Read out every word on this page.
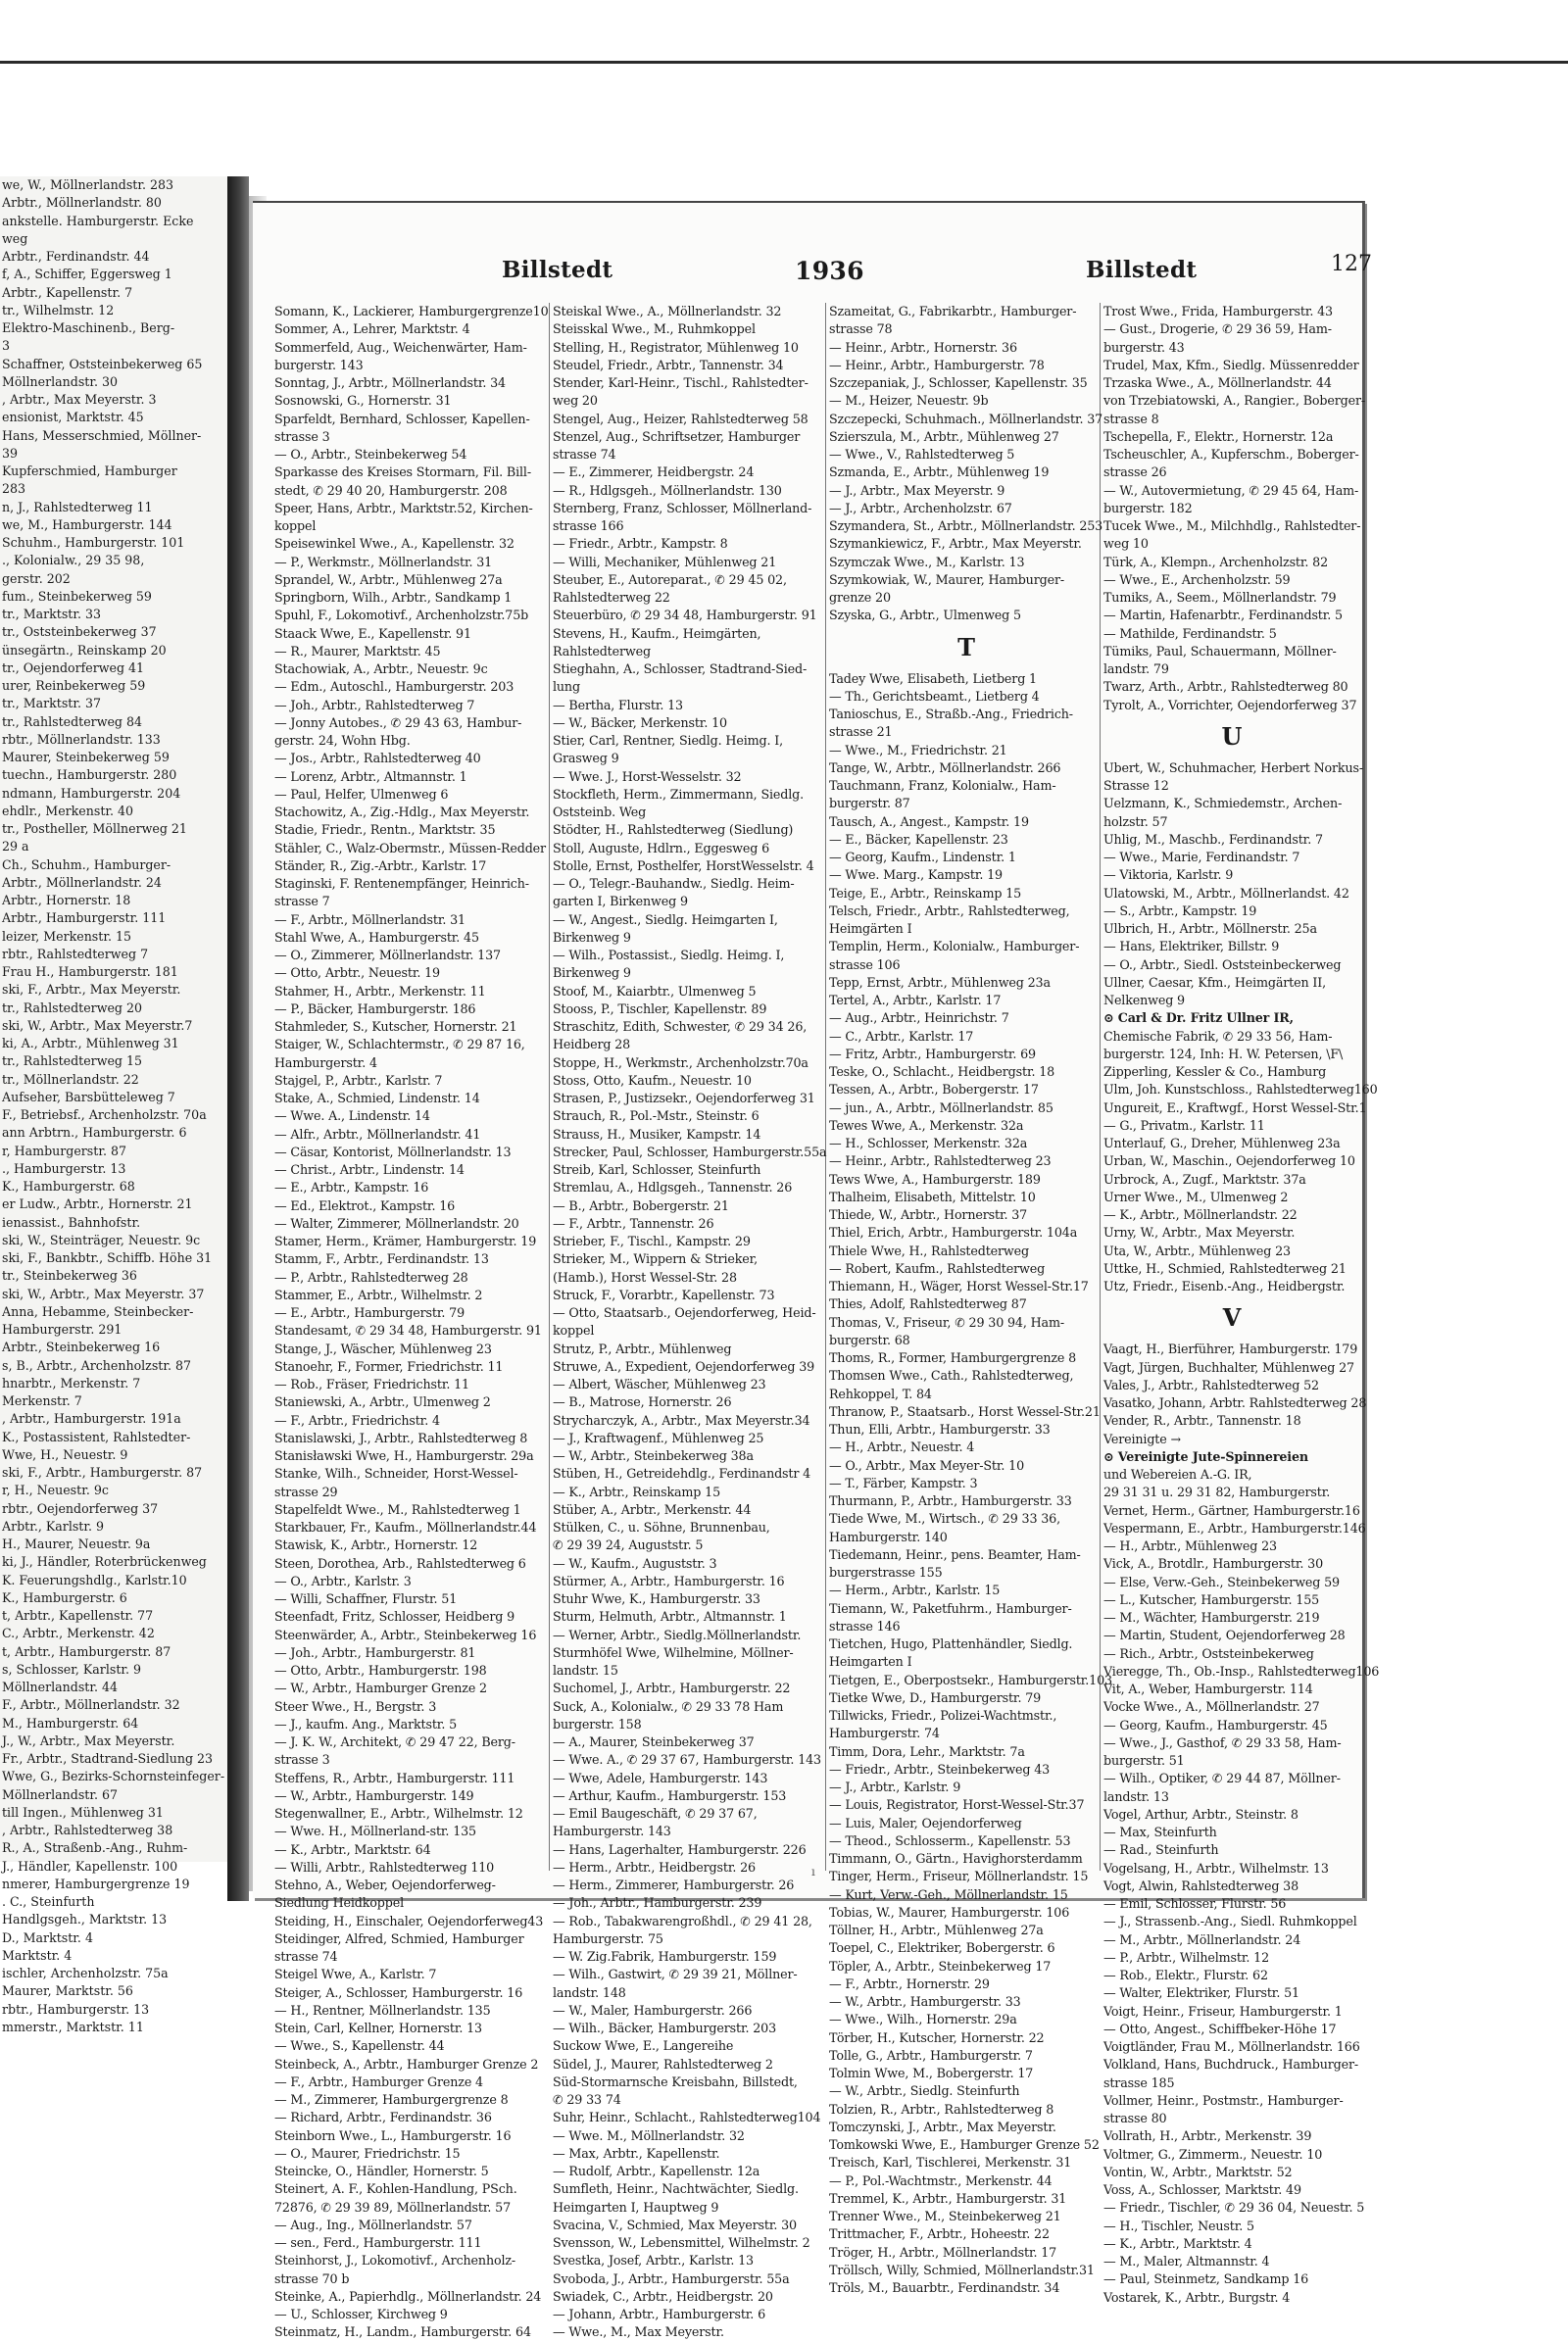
we, W., Möllnerlandstr. 283
Arbtr., Möllnerlandstr. 80
ankstelle. Hamburgerstr. Ecke
weg
Arbtr., Ferdinandstr. 44
f, A., Schiffer, Eggersweg 1
Arbtr., Kapellenstr. 7
tr., Wilhelmstr. 12
Elektro-Maschinenb., Berg-
3
Schaffner, Oststeinbekerweg 65
Möllnerlandstr. 30
, Arbtr., Max Meyerstr. 3
ensionist, Marktstr. 45
Hans, Messerschmied, Möllner-
39
Kupferschmied, Hamburger
283
n, J., Rahlstedterweg 11
we, M., Hamburgerstr. 144
Schuhm., Hamburgerstr. 101
., Kolonialw., 29 35 98,
gerstr. 202
fum., Steinbekerweg 59
tr., Marktstr. 33
tr., Oststeinbekerweg 37
ünsegärtn., Reinskamp 20
tr., Oejendorferweg 41
urer, Reinbekerweg 59
tr., Marktstr. 37
tr., Rahlstedterweg 84
rbtr., Möllnerlandstr. 133
Maurer, Steinbekerweg 59
tuechn., Hamburgerstr. 280
ndmann, Hamburgerstr. 204
ehdlr., Merkenstr. 40
tr., Postheller, Möllnerweg 21
29 a
Ch., Schuhm., Hamburger-
Arbtr., Möllnerlandstr. 24
Arbtr., Hornerstr. 18
Arbtr., Hamburgerstr. 111
leizer, Merkenstr. 15
rbtr., Rahlstedterweg 7
Frau H., Hamburgerstr. 181
ski, F., Arbtr., Max Meyerstr.
tr., Rahlstedterweg 20
ski, W., Arbtr., Max Meyerstr.7
ki, A., Arbtr., Mühlenweg 31
tr., Rahlstedterweg 15
tr., Möllnerlandstr. 22
Aufseher, Barsbütteleweg 7
F., Betriebsf., Archenholzstr. 70a
ann Arbtrn., Hamburgerstr. 6
r, Hamburgerstr. 87
., Hamburgerstr. 13
K., Hamburgerstr. 68
er Ludw., Arbtr., Hornerstr. 21
ienassist., Bahnhofstr.
ski, W., Steinträger, Neuestr. 9c
ski, F., Bankbtr., Schiffb. Höhe 31
tr., Steinbekerweg 36
ski, W., Arbtr., Max Meyerstr. 37
Anna, Hebamme, Steinbecker-
Hamburgerstr. 291
Arbtr., Steinbekerweg 16
s, B., Arbtr., Archenholzstr. 87
hnarbtr., Merkenstr. 7
Merkenstr. 7
, Arbtr., Hamburgerstr. 191a
K., Postassistent, Rahlstedter-
Wwe, H., Neuestr. 9
ski, F., Arbtr., Hamburgerstr. 87
r, H., Neuestr. 9c
rbtr., Oejendorferweg 37
Arbtr., Karlstr. 9
H., Maurer, Neuestr. 9a
ki, J., Händler, Roterbrückenweg
K. Feuerungshdlg., Karlstr.10
K., Hamburgerstr. 6
t, Arbtr., Kapellenstr. 77
C., Arbtr., Merkenstr. 42
t, Arbtr., Hamburgerstr. 87
s, Schlosser, Karlstr. 9
Möllnerlandstr. 44
F., Arbtr., Möllnerlandstr. 32
M., Hamburgerstr. 64
J., W., Arbtr., Max Meyerstr.
Fr., Arbtr., Stadtrand-Siedlung 23
Wwe, G., Bezirks-Schornsteinfeger-
Möllnerlandstr. 67
till Ingen., Mühlenweg 31
, Arbtr., Rahlstedterweg 38
R., A., Straßenb.-Ang., Ruhm-
J., Händler, Kapellenstr. 100
nmerer, Hamburgergrenze 19
. C., Steinfurth
Handlgsgeh., Marktstr. 13
D., Marktstr. 4
Marktstr. 4
ischler, Archenholzstr. 75a
Maurer, Marktstr. 56
rbtr., Hamburgerstr. 13
mmerstr., Marktstr. 11
Billstedt	1936	Billstedt	127
Somann, K., Lackierer, Hamburgergrenze10
Sommer, A., Lehrer, Marktstr. 4
Sommerfeld, Aug., Weichenwärter, Ham-
burgerstr. 143
Sonntag, J., Arbtr., Möllnerlandstr. 34
Sosnowski, G., Hornerstr. 31
Sparfeldt, Bernhard, Schlosser, Kapellen-
strasse 3
— O., Arbtr., Steinbekerweg 54
Sparkasse des Kreises Stormarn, Fil. Bill-
stedt, ✆ 29 40 20, Hamburgerstr. 208
Speer, Hans, Arbtr., Marktstr.52, Kirchen-
koppel
Speisewinkel Wwe., A., Kapellenstr. 32
— P., Werkmstr., Möllnerlandstr. 31
Sprandel, W., Arbtr., Mühlenweg 27a
Springborn, Wilh., Arbtr., Sandkamp 1
Spuhl, F., Lokomotivf., Archenholzstr.75b
Staack Wwe, E., Kapellenstr. 91
— R., Maurer, Marktstr. 45
Stachowiak, A., Arbtr., Neuestr. 9c
— Edm., Autoschl., Hamburgerstr. 203
— Joh., Arbtr., Rahlstedterweg 7
— Jonny Autobes., ✆ 29 43 63, Hambur-
gerstr. 24, Wohn Hbg.
— Jos., Arbtr., Rahlstedterweg 40
— Lorenz, Arbtr., Altmannstr. 1
— Paul, Helfer, Ulmenweg 6
Stachowitz, A., Zig.-Hdlg., Max Meyerstr.
Stadie, Friedr., Rentn., Marktstr. 35
Stähler, C., Walz-Obermstr., Müssen-Redder
Ständer, R., Zig.-Arbtr., Karlstr. 17
Staginski, F. Rentenempfänger, Heinrich-
strasse 7
— F., Arbtr., Möllnerlandstr. 31
Stahl Wwe, A., Hamburgerstr. 45
— O., Zimmerer, Möllnerlandstr. 137
— Otto, Arbtr., Neuestr. 19
Stahmer, H., Arbtr., Merkenstr. 11
— P., Bäcker, Hamburgerstr. 186
Stahmleder, S., Kutscher, Hornerstr. 21
Staiger, W., Schlachtermstr., ✆ 29 87 16,
Hamburgerstr. 4
Stajgel, P., Arbtr., Karlstr. 7
Stake, A., Schmied, Lindenstr. 14
— Wwe. A., Lindenstr. 14
— Alfr., Arbtr., Möllnerlandstr. 41
— Cäsar, Kontorist, Möllnerlandstr. 13
— Christ., Arbtr., Lindenstr. 14
— E., Arbtr., Kampstr. 16
— Ed., Elektrot., Kampstr. 16
— Walter, Zimmerer, Möllnerlandstr. 20
Stamer, Herm., Krämer, Hamburgerstr. 19
Stamm, F., Arbtr., Ferdinandstr. 13
— P., Arbtr., Rahlstedterweg 28
Stammer, E., Arbtr., Wilhelmstr. 2
— E., Arbtr., Hamburgerstr. 79
Standesamt, ✆ 29 34 48, Hamburgerstr. 91
Stange, J., Wäscher, Mühlenweg 23
Stanoehr, F., Former, Friedrichstr. 11
— Rob., Fräser, Friedrichstr. 11
Staniewski, A., Arbtr., Ulmenweg 2
— F., Arbtr., Friedrichstr. 4
Stanislawski, J., Arbtr., Rahlstedterweg 8
Stanisławski Wwe, H., Hamburgerstr. 29a
Stanke, Wilh., Schneider, Horst-Wessel-
strasse 29
Stapelfeldt Wwe., M., Rahlstedterweg 1
Starkbauer, Fr., Kaufm., Möllnerlandstr.44
Stawisk, K., Arbtr., Hornerstr. 12
Steen, Dorothea, Arb., Rahlstedterweg 6
— O., Arbtr., Karlstr. 3
— Willi, Schaffner, Flurstr. 51
Steenfadt, Fritz, Schlosser, Heidberg 9
Steenwärder, A., Arbtr., Steinbekerweg 16
— Joh., Arbtr., Hamburgerstr. 81
— Otto, Arbtr., Hamburgerstr. 198
— W., Arbtr., Hamburger Grenze 2
Steer Wwe., H., Bergstr. 3
— J., kaufm. Ang., Marktstr. 5
— J. K. W., Architekt, ✆ 29 47 22, Berg-
strasse 3
Steffens, R., Arbtr., Hamburgerstr. 111
— W., Arbtr., Hamburgerstr. 149
Stegenwallner, E., Arbtr., Wilhelmstr. 12
— Wwe. H., Möllnerland-str. 135
— K., Arbtr., Marktstr. 64
— Willi, Arbtr., Rahlstedterweg 110
Stehno, A., Weber, Oejendorferweg-
Siedlung Heidkoppel
Steiding, H., Einschaler, Oejendorferweg43
Steidinger, Alfred, Schmied, Hamburger
strasse 74
Steigel Wwe, A., Karlstr. 7
Steiger, A., Schlosser, Hamburgerstr. 16
— H., Rentner, Möllnerlandstr. 135
Stein, Carl, Kellner, Hornerstr. 13
— Wwe., S., Kapellenstr. 44
Steinbeck, A., Arbtr., Hamburger Grenze 2
— F., Arbtr., Hamburger Grenze 4
— M., Zimmerer, Hamburgergrenze 8
— Richard, Arbtr., Ferdinandstr. 36
Steinborn Wwe., L., Hamburgerstr. 16
— O., Maurer, Friedrichstr. 15
Steincke, O., Händler, Hornerstr. 5
Steinert, A. F., Kohlen-Handlung, PSch.
72876, ✆ 29 39 89, Möllnerlandstr. 57
— Aug., Ing., Möllnerlandstr. 57
— sen., Ferd., Hamburgerstr. 111
Steinhorst, J., Lokomotivf., Archenholz-
strasse 70 b
Steinke, A., Papierhdlg., Möllnerlandstr. 24
— U., Schlosser, Kirchweg 9
Steinmatz, H., Landm., Hamburgerstr. 64
Steiskal Wwe., A., Möllnerlandstr. 32
Steisskal Wwe., M., Ruhmkoppel
Stelling, H., Registrator, Mühlenweg 10
Steudel, Friedr., Arbtr., Tannenstr. 34
Stender, Karl-Heinr., Tischl., Rahlstedter-
weg 20
Stengel, Aug., Heizer, Rahlstedterweg 58
Stenzel, Aug., Schriftsetzer, Hamburger
strasse 74
— E., Zimmerer, Heidbergstr. 24
— R., Hdlgsgeh., Möllnerlandstr. 130
Sternberg, Franz, Schlosser, Möllnerland-
strasse 166
— Friedr., Arbtr., Kampstr. 8
— Willi, Mechaniker, Mühlenweg 21
Steuber, E., Autoreparat., ✆ 29 45 02,
Rahlstedterweg 22
Steuerbüro, ✆ 29 34 48, Hamburgerstr. 91
Stevens, H., Kaufm., Heimgärten,
Rahlstedterweg
Stieghahn, A., Schlosser, Stadtrand-Sied-
lung
— Bertha, Flurstr. 13
— W., Bäcker, Merkenstr. 10
Stier, Carl, Rentner, Siedlg. Heimg. I,
Grasweg 9
— Wwe. J., Horst-Wesselstr. 32
Stockfleth, Herm., Zimmermann, Siedlg.
Oststeinb. Weg
Stödter, H., Rahlstedterweg (Siedlung)
Stoll, Auguste, Hdlrn., Eggesweg 6
Stolle, Ernst, Posthelfer, HorstWesselstr. 4
— O., Telegr.-Bauhandw., Siedlg. Heim-
garten I, Birkenweg 9
— W., Angest., Siedlg. Heimgarten I,
Birkenweg 9
— Wilh., Postassist., Siedlg. Heimg. I,
Birkenweg 9
Stoof, M., Kaiarbtr., Ulmenweg 5
Stooss, P., Tischler, Kapellenstr. 89
Straschitz, Edith, Schwester, ✆ 29 34 26,
Heidberg 28
Stoppe, H., Werkmstr., Archenholzstr.70a
Stoss, Otto, Kaufm., Neuestr. 10
Strasen, P., Justizsekr., Oejendorferweg 31
Strauch, R., Pol.-Mstr., Steinstr. 6
Strauss, H., Musiker, Kampstr. 14
Strecker, Paul, Schlosser, Hamburgerstr.55a
Streib, Karl, Schlosser, Steinfurth
Stremlau, A., Hdlgsgeh., Tannenstr. 26
— B., Arbtr., Bobergerstr. 21
— F., Arbtr., Tannenstr. 26
Strieber, F., Tischl., Kampstr. 29
Strieker, M., Wippern & Strieker,
(Hamb.), Horst Wessel-Str. 28
Struck, F., Vorarbtr., Kapellenstr. 73
— Otto, Staatsarb., Oejendorferweg, Heid-
koppel
Strutz, P., Arbtr., Mühlenweg
Struwe, A., Expedient, Oejendorferweg 39
— Albert, Wäscher, Mühlenweg 23
— B., Matrose, Hornerstr. 26
Strycharczyk, A., Arbtr., Max Meyerstr.34
— J., Kraftwagenf., Mühlenweg 25
— W., Arbtr., Steinbekerweg 38a
Stüben, H., Getreidehdlg., Ferdinandstr 4
— K., Arbtr., Reinskamp 15
Stüber, A., Arbtr., Merkenstr. 44
Stülken, C., u. Söhne, Brunnenbau,
✆ 29 39 24, Auguststr. 5
— W., Kaufm., Auguststr. 3
Stürmer, A., Arbtr., Hamburgerstr. 16
Stuhr Wwe, K., Hamburgerstr. 33
Sturm, Helmuth, Arbtr., Altmannstr. 1
— Werner, Arbtr., Siedlg.Möllnerlandstr.
Sturmhöfel Wwe, Wilhelmine, Möllner-
landstr. 15
Suchomel, J., Arbtr., Hamburgerstr. 22
Suck, A., Kolonialw., ✆ 29 33 78 Ham
burgerstr. 158
— A., Maurer, Steinbekerweg 37
— Wwe. A., ✆ 29 37 67, Hamburgerstr. 143
— Wwe, Adele, Hamburgerstr. 143
— Arthur, Kaufm., Hamburgerstr. 153
— Emil Baugeschäft, ✆ 29 37 67,
Hamburgerstr. 143
— Hans, Lagerhalter, Hamburgerstr. 226
— Herm., Arbtr., Heidbergstr. 26
— Herm., Zimmerer, Hamburgerstr. 26
— Joh., Arbtr., Hamburgerstr. 239
— Rob., Tabakwarengroßhdl., ✆ 29 41 28,
Hamburgerstr. 75
— W. Zig.Fabrik, Hamburgerstr. 159
— Wilh., Gastwirt, ✆ 29 39 21, Möllner-
landstr. 148
— W., Maler, Hamburgerstr. 266
— Wilh., Bäcker, Hamburgerstr. 203
Suckow Wwe, E., Langereihe
Südel, J., Maurer, Rahlstedterweg 2
Süd-Stormarnsche Kreisbahn, Billstedt,
✆ 29 33 74
Suhr, Heinr., Schlacht., Rahlstedterweg104
— Wwe. M., Möllnerlandstr. 32
— Max, Arbtr., Kapellenstr.
— Rudolf, Arbtr., Kapellenstr. 12a
Sumfleth, Heinr., Nachtwächter, Siedlg.
Heimgarten I, Hauptweg 9
Svacina, V., Schmied, Max Meyerstr. 30
Svensson, W., Lebensmittel, Wilhelmstr. 2
Svestka, Josef, Arbtr., Karlstr. 13
Svoboda, J., Arbtr., Hamburgerstr. 55a
Swiadek, C., Arbtr., Heidbergstr. 20
— Johann, Arbtr., Hamburgerstr. 6
— Wwe., M., Max Meyerstr.
Szameitat, G., Fabrikarbtr., Hamburger-
strasse 78
— Heinr., Arbtr., Hornerstr. 36
— Heinr., Arbtr., Hamburgerstr. 78
Szczepaniak, J., Schlosser, Kapellenstr. 35
— M., Heizer, Neuestr. 9b
Szczepecki, Schuhmach., Möllnerlandstr. 37
Szierszula, M., Arbtr., Mühlenweg 27
— Wwe., V., Rahlstedterweg 5
Szmanda, E., Arbtr., Mühlenweg 19
— J., Arbtr., Max Meyerstr. 9
— J., Arbtr., Archenholzstr. 67
Szymandera, St., Arbtr., Möllnerlandstr. 253
Szymankiewicz, F., Arbtr., Max Meyerstr.
Szymczak Wwe., M., Karlstr. 13
Szymkowiak, W., Maurer, Hamburger-
grenze 20
Szyska, G., Arbtr., Ulmenweg 5
T
Tadey Wwe, Elisabeth, Lietberg 1
— Th., Gerichtsbeamt., Lietberg 4
Tanioschus, E., Straßb.-Ang., Friedrich-
strasse 21
— Wwe., M., Friedrichstr. 21
Tange, W., Arbtr., Möllnerlandstr. 266
Tauchmann, Franz, Kolonialw., Ham-
burgerstr. 87
Tausch, A., Angest., Kampstr. 19
— E., Bäcker, Kapellenstr. 23
— Georg, Kaufm., Lindenstr. 1
— Wwe. Marg., Kampstr. 19
Teige, E., Arbtr., Reinskamp 15
Telsch, Friedr., Arbtr., Rahlstedterweg,
Heimgärten I
Templin, Herm., Kolonialw., Hamburger-
strasse 106
Tepp, Ernst, Arbtr., Mühlenweg 23a
Tertel, A., Arbtr., Karlstr. 17
— Aug., Arbtr., Heinrichstr. 7
— C., Arbtr., Karlstr. 17
— Fritz, Arbtr., Hamburgerstr. 69
Teske, O., Schlacht., Heidbergstr. 18
Tessen, A., Arbtr., Bobergerstr. 17
— jun., A., Arbtr., Möllnerlandstr. 85
Tewes Wwe, A., Merkenstr. 32a
— H., Schlosser, Merkenstr. 32a
— Heinr., Arbtr., Rahlstedterweg 23
Tews Wwe, A., Hamburgerstr. 189
Thalheim, Elisabeth, Mittelstr. 10
Thiede, W., Arbtr., Hornerstr. 37
Thiel, Erich, Arbtr., Hamburgerstr. 104a
Thiele Wwe, H., Rahlstedterweg
— Robert, Kaufm., Rahlstedterweg
Thiemann, H., Wäger, Horst Wessel-Str.17
Thies, Adolf, Rahlstedterweg 87
Thomas, V., Friseur, ✆ 29 30 94, Ham-
burgerstr. 68
Thoms, R., Former, Hamburgergrenze 8
Thomsen Wwe., Cath., Rahlstedterweg,
Rehkoppel, T. 84
Thranow, P., Staatsarb., Horst Wessel-Str.21
Thun, Elli, Arbtr., Hamburgerstr. 33
— H., Arbtr., Neuestr. 4
— O., Arbtr., Max Meyer-Str. 10
— T., Färber, Kampstr. 3
Thurmann, P., Arbtr., Hamburgerstr. 33
Tiede Wwe, M., Wirtsch., ✆ 29 33 36,
Hamburgerstr. 140
Tiedemann, Heinr., pens. Beamter, Ham-
burgerstrasse 155
— Herm., Arbtr., Karlstr. 15
Tiemann, W., Paketfuhrm., Hamburger-
strasse 146
Tietchen, Hugo, Plattenhändler, Siedlg.
Heimgarten I
Tietgen, E., Oberpostsekr., Hamburgerstr.103
Tietke Wwe, D., Hamburgerstr. 79
Tillwicks, Friedr., Polizei-Wachtmstr.,
Hamburgerstr. 74
Timm, Dora, Lehr., Marktstr. 7a
— Friedr., Arbtr., Steinbekerweg 43
— J., Arbtr., Karlstr. 9
— Louis, Registrator, Horst-Wessel-Str.37
— Luis, Maler, Oejendorferweg
— Theod., Schlosserm., Kapellenstr. 53
Timmann, O., Gärtn., Havighorsterdamm
Tinger, Herm., Friseur, Möllnerlandstr. 15
— Kurt, Verw.-Geh., Möllnerlandstr. 15
Tobias, W., Maurer, Hamburgerstr. 106
Töllner, H., Arbtr., Mühlenweg 27a
Toepel, C., Elektriker, Bobergerstr. 6
Töpler, A., Arbtr., Steinbekerweg 17
— F., Arbtr., Hornerstr. 29
— W., Arbtr., Hamburgerstr. 33
— Wwe., Wilh., Hornerstr. 29a
Törber, H., Kutscher, Hornerstr. 22
Tolle, G., Arbtr., Hamburgerstr. 7
Tolmin Wwe, M., Bobergerstr. 17
— W., Arbtr., Siedlg. Steinfurth
Tolzien, R., Arbtr., Rahlstedterweg 8
Tomczynski, J., Arbtr., Max Meyerstr.
Tomkowski Wwe, E., Hamburger Grenze 52
Treisch, Karl, Tischlerei, Merkenstr. 31
— P., Pol.-Wachtmstr., Merkenstr. 44
Tremmel, K., Arbtr., Hamburgerstr. 31
Trenner Wwe., M., Steinbekerweg 21
Trittmacher, F., Arbtr., Hoheestr. 22
Tröger, H., Arbtr., Möllnerlandstr. 17
Tröllsch, Willy, Schmied, Möllnerlandstr.31
Tröls, M., Bauarbtr., Ferdinandstr. 34
Trost Wwe., Frida, Hamburgerstr. 43
— Gust., Drogerie, ✆ 29 36 59, Ham-
burgerstr. 43
Trudel, Max, Kfm., Siedlg. Müssenredder
Trzaska Wwe., A., Möllnerlandstr. 44
von Trzebiatowski, A., Rangier., Boberger-
strasse 8
Tschepella, F., Elektr., Hornerstr. 12a
Tscheuschler, A., Kupferschm., Boberger-
strasse 26
— W., Autovermietung, ✆ 29 45 64, Ham-
burgerstr. 182
Tucek Wwe., M., Milchhdlg., Rahlstedter-
weg 10
Türk, A., Klempn., Archenholzstr. 82
— Wwe., E., Archenholzstr. 59
Tumiks, A., Seem., Möllnerlandstr. 79
— Martin, Hafenarbtr., Ferdinandstr. 5
— Mathilde, Ferdinandstr. 5
Tümiks, Paul, Schauermann, Möllner-
landstr. 79
Twarz, Arth., Arbtr., Rahlstedterweg 80
Tyrolt, A., Vorrichter, Oejendorferweg 37
U
Ubert, W., Schuhmacher, Herbert Norkus-
Strasse 12
Uelzmann, K., Schmiedemstr., Archen-
holzstr. 57
Uhlig, M., Maschb., Ferdinandstr. 7
— Wwe., Marie, Ferdinandstr. 7
— Viktoria, Karlstr. 9
Ulatowski, M., Arbtr., Möllnerlandst. 42
— S., Arbtr., Kampstr. 19
Ulbrich, H., Arbtr., Möllnerstr. 25a
— Hans, Elektriker, Billstr. 9
— O., Arbtr., Siedl. Oststeinbeckerweg
Ullner, Caesar, Kfm., Heimgärten II,
Nelkenweg 9
⊙ Carl & Dr. Fritz Ullner IR,
Chemische Fabrik, ✆ 29 33 56, Ham-
burgerstr. 124, Inh: H. W. Petersen, \F\
Zipperling, Kessler & Co., Hamburg
Ulm, Joh. Kunstschloss., Rahlstedterweg160
Ungureit, E., Kraftwgf., Horst Wessel-Str.1
— G., Privatm., Karlstr. 11
Unterlauf, G., Dreher, Mühlenweg 23a
Urban, W., Maschin., Oejendorferweg 10
Urbrock, A., Zugf., Marktstr. 37a
Urner Wwe., M., Ulmenweg 2
— K., Arbtr., Möllnerlandstr. 22
Urny, W., Arbtr., Max Meyerstr.
Uta, W., Arbtr., Mühlenweg 23
Uttke, H., Schmied, Rahlstedterweg 21
Utz, Friedr., Eisenb.-Ang., Heidbergstr.
V
Vaagt, H., Bierführer, Hamburgerstr. 179
Vagt, Jürgen, Buchhalter, Mühlenweg 27
Vales, J., Arbtr., Rahlstedterweg 52
Vasatko, Johann, Arbtr. Rahlstedterweg 28
Vender, R., Arbtr., Tannenstr. 18
Vereinigte →
⊙ Vereinigte Jute-Spinnereien
und Webereien A.-G. IR,
29 31 31 u. 29 31 82, Hamburgerstr.
Vernet, Herm., Gärtner, Hamburgerstr.16
Vespermann, E., Arbtr., Hamburgerstr.146
— H., Arbtr., Mühlenweg 23
Vick, A., Brotdlr., Hamburgerstr. 30
— Else, Verw.-Geh., Steinbekerweg 59
— L., Kutscher, Hamburgerstr. 155
— M., Wächter, Hamburgerstr. 219
— Martin, Student, Oejendorferweg 28
— Rich., Arbtr., Oststeinbekerweg
Vieregge, Th., Ob.-Insp., Rahlstedterweg106
Vit, A., Weber, Hamburgerstr. 114
Vocke Wwe., A., Möllnerlandstr. 27
— Georg, Kaufm., Hamburgerstr. 45
— Wwe., J., Gasthof, ✆ 29 33 58, Ham-
burgerstr. 51
— Wilh., Optiker, ✆ 29 44 87, Möllner-
landstr. 13
Vogel, Arthur, Arbtr., Steinstr. 8
— Max, Steinfurth
— Rad., Steinfurth
Vogelsang, H., Arbtr., Wilhelmstr. 13
Vogt, Alwin, Rahlstedterweg 38
— Emil, Schlosser, Flurstr. 56
— J., Strassenb.-Ang., Siedl. Ruhmkoppel
— M., Arbtr., Möllnerlandstr. 24
— P., Arbtr., Wilhelmstr. 12
— Rob., Elektr., Flurstr. 62
— Walter, Elektriker, Flurstr. 51
Voigt, Heinr., Friseur, Hamburgerstr. 1
— Otto, Angest., Schiffbeker-Höhe 17
Voigtländer, Frau M., Möllnerlandstr. 166
Volkland, Hans, Buchdruck., Hamburger-
strasse 185
Vollmer, Heinr., Postmstr., Hamburger-
strasse 80
Vollrath, H., Arbtr., Merkenstr. 39
Voltmer, G., Zimmerm., Neuestr. 10
Vontin, W., Arbtr., Marktstr. 52
Voss, A., Schlosser, Marktstr. 49
— Friedr., Tischler, ✆ 29 36 04, Neuestr. 5
— H., Tischler, Neustr. 5
— K., Arbtr., Marktstr. 4
— M., Maler, Altmannstr. 4
— Paul, Steinmetz, Sandkamp 16
Vostarek, K., Arbtr., Burgstr. 4
ı
